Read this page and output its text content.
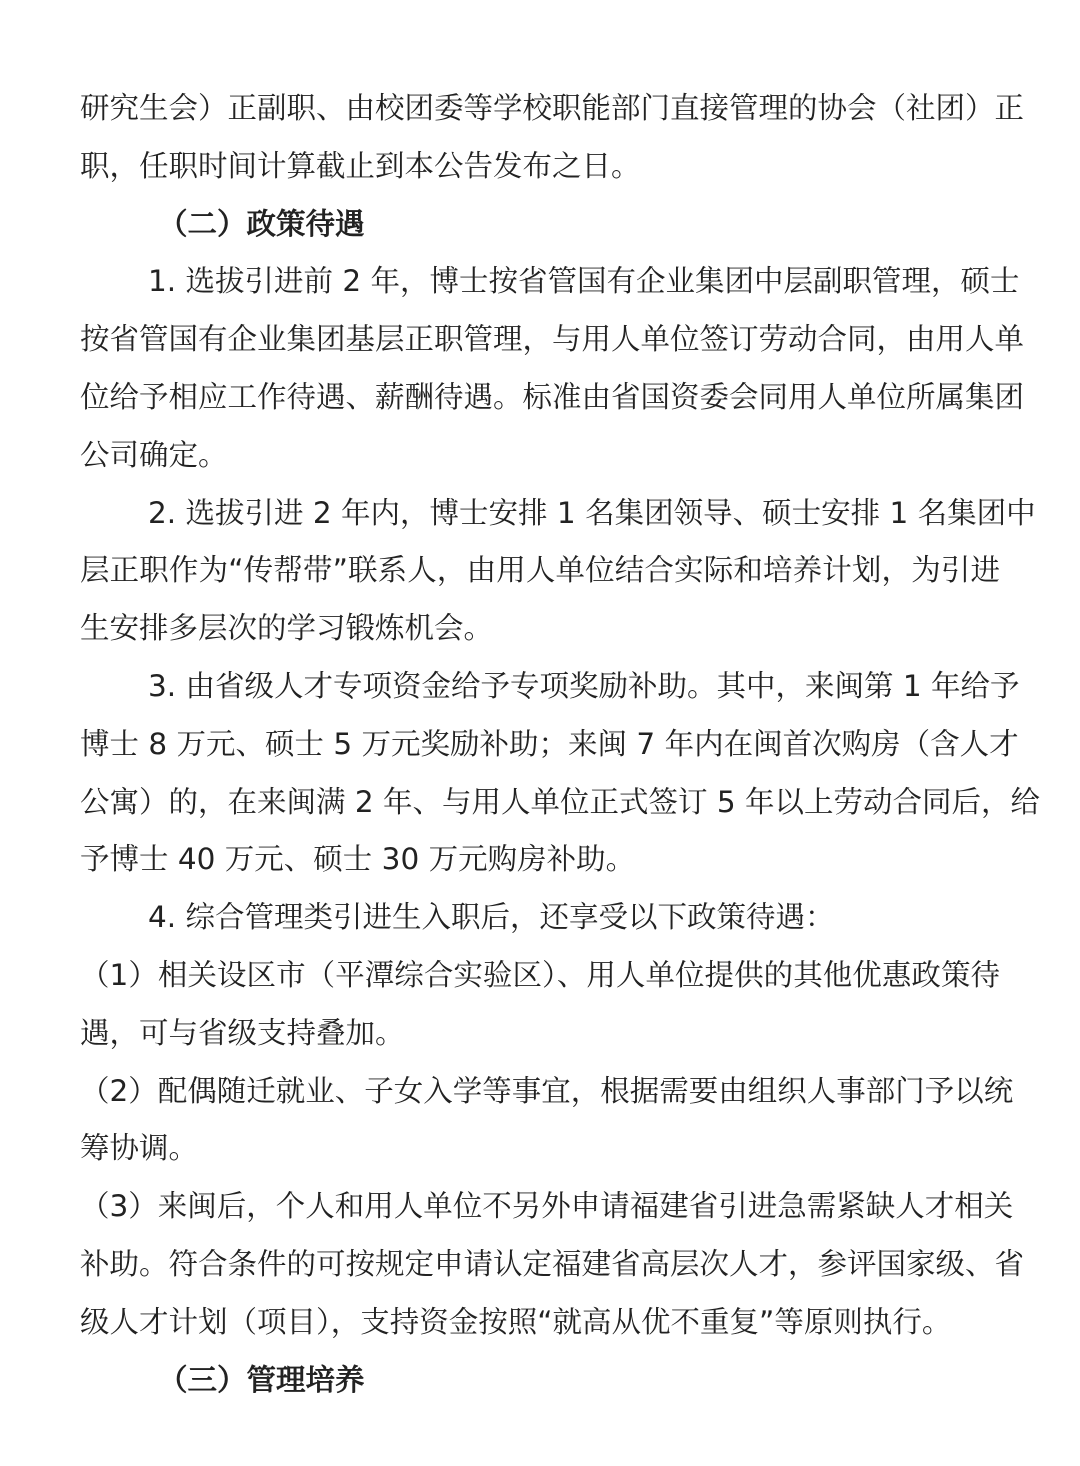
研究生会）正副职、由校团委等学校职能部门直接管理的协会（社团）正
职，任职时间计算截止到本公告发布之日。
（二）政策待遇
1. 选拔引进前 2 年，博士按省管国有企业集团中层副职管理，硕士
按省管国有企业集团基层正职管理，与用人单位签订劳动合同，由用人单
位给予相应工作待遇、薪酬待遇。标准由省国资委会同用人单位所属集团
公司确定。
2. 选拔引进 2 年内，博士安排 1 名集团领导、硕士安排 1 名集团中
层正职作为“传帮带”联系人，由用人单位结合实际和培养计划，为引进
生安排多层次的学习锻炼机会。
3. 由省级人才专项资金给予专项奖励补助。其中，来闽第 1 年给予
博士 8 万元、硕士 5 万元奖励补助；来闽 7 年内在闽首次购房（含人才
公寓）的，在来闽满 2 年、与用人单位正式签订 5 年以上劳动合同后，给
予博士 40 万元、硕士 30 万元购房补助。
4. 综合管理类引进生入职后，还享受以下政策待遇：
（1）相关设区市（平潭综合实验区）、用人单位提供的其他优惠政策待
遇，可与省级支持叠加。
（2）配偶随迁就业、子女入学等事宜，根据需要由组织人事部门予以统
筹协调。
（3）来闽后，个人和用人单位不另外申请福建省引进急需紧缺人才相关
补助。符合条件的可按规定申请认定福建省高层次人才，参评国家级、省
级人才计划（项目），支持资金按照“就高从优不重复”等原则执行。
（三）管理培养
